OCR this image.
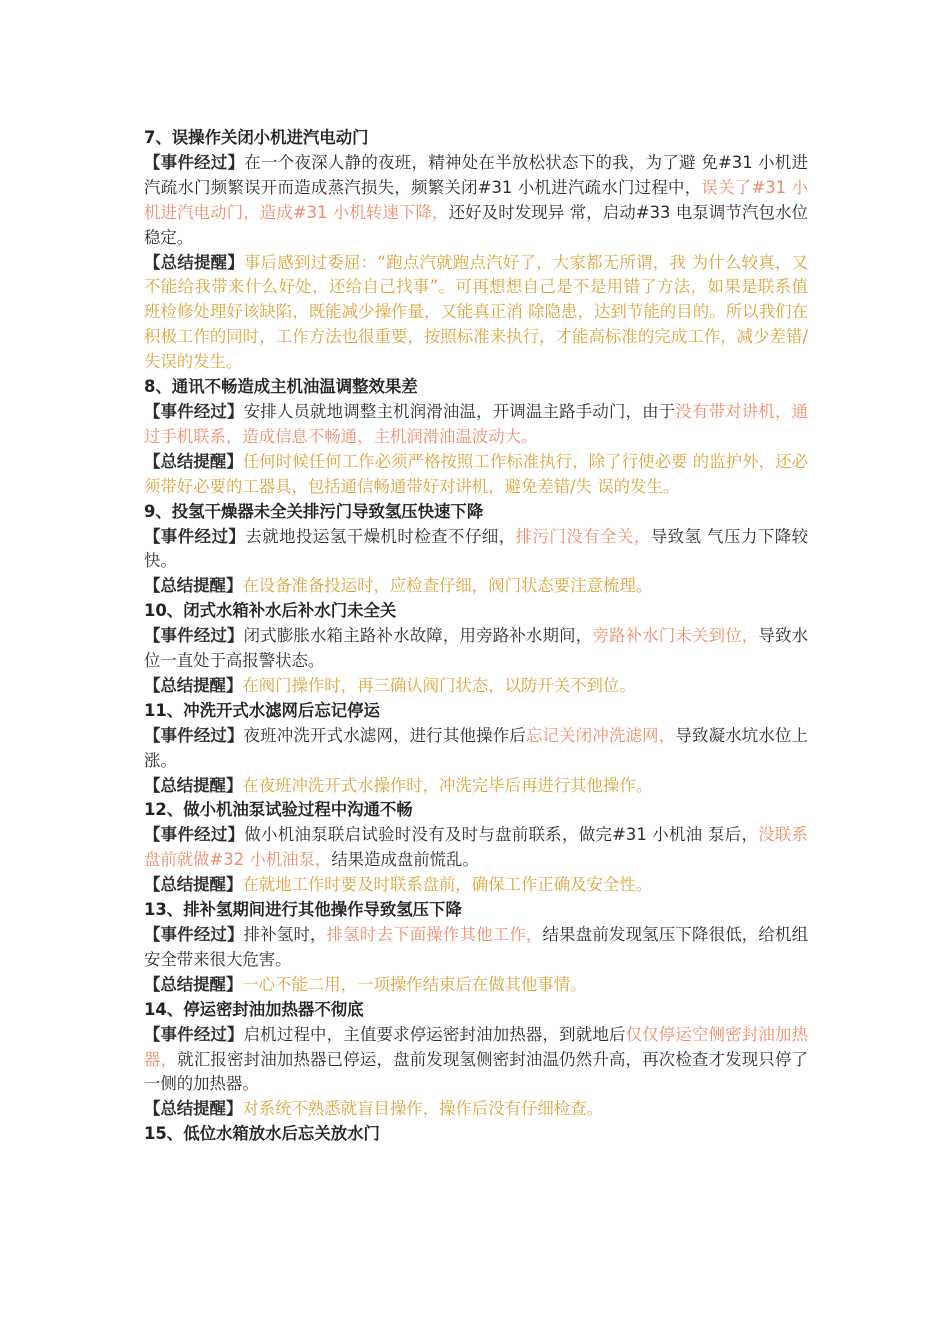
7、误操作关闭小机进汽电动门
【事件经过】在一个夜深人静的夜班，精神处在半放松状态下的我，为了避 免#31 小机进汽疏水门频繁误开而造成蒸汽损失，频繁关闭#31 小机进汽疏水门过程中，误关了#31 小机进汽电动门，造成#31 小机转速下降，还好及时发现异 常，启动#33 电泵调节汽包水位稳定。
【总结提醒】事后感到过委屈：“跑点汽就跑点汽好了，大家都无所谓，我 为什么较真，又不能给我带来什么好处，还给自己找事”。可再想想自己是不是用错了方法，如果是联系值班检修处理好该缺陷，既能减少操作量，又能真正消 除隐患，达到节能的目的。所以我们在积极工作的同时，工作方法也很重要，按照标准来执行，才能高标准的完成工作，减少差错/失误的发生。
8、通讯不畅造成主机油温调整效果差
【事件经过】安排人员就地调整主机润滑油温，开调温主路手动门，由于没有带对讲机，通过手机联系，造成信息不畅通，主机润滑油温波动大。
【总结提醒】任何时候任何工作必须严格按照工作标准执行，除了行使必要 的监护外，还必须带好必要的工器具，包括通信畅通带好对讲机，避免差错/失 误的发生。
9、投氢干燥器未全关排污门导致氢压快速下降
【事件经过】去就地投运氢干燥机时检查不仔细，排污门没有全关，导致氢 气压力下降较快。
【总结提醒】在设备准备投运时，应检查仔细，阀门状态要注意梳理。
10、闭式水箱补水后补水门未全关
【事件经过】闭式膨胀水箱主路补水故障，用旁路补水期间，旁路补水门未关到位，导致水位一直处于高报警状态。
【总结提醒】在阀门操作时，再三确认阀门状态，以防开关不到位。
11、冲洗开式水滤网后忘记停运
【事件经过】夜班冲洗开式水滤网，进行其他操作后忘记关闭冲洗滤网，导致凝水坑水位上涨。
【总结提醒】在夜班冲洗开式水操作时，冲洗完毕后再进行其他操作。
12、做小机油泵试验过程中沟通不畅
【事件经过】做小机油泵联启试验时没有及时与盘前联系，做完#31 小机油 泵后，没联系盘前就做#32 小机油泵，结果造成盘前慌乱。
【总结提醒】在就地工作时要及时联系盘前，确保工作正确及安全性。
13、排补氢期间进行其他操作导致氢压下降
【事件经过】排补氢时，排氢时去下面操作其他工作，结果盘前发现氢压下降很低，给机组安全带来很大危害。
【总结提醒】一心不能二用，一项操作结束后在做其他事情。
14、停运密封油加热器不彻底
【事件经过】启机过程中，主值要求停运密封油加热器，到就地后仅仅停运空侧密封油加热器，就汇报密封油加热器已停运，盘前发现氢侧密封油温仍然升高，再次检查才发现只停了一侧的加热器。
【总结提醒】对系统不熟悉就盲目操作，操作后没有仔细检查。
15、低位水箱放水后忘关放水门
